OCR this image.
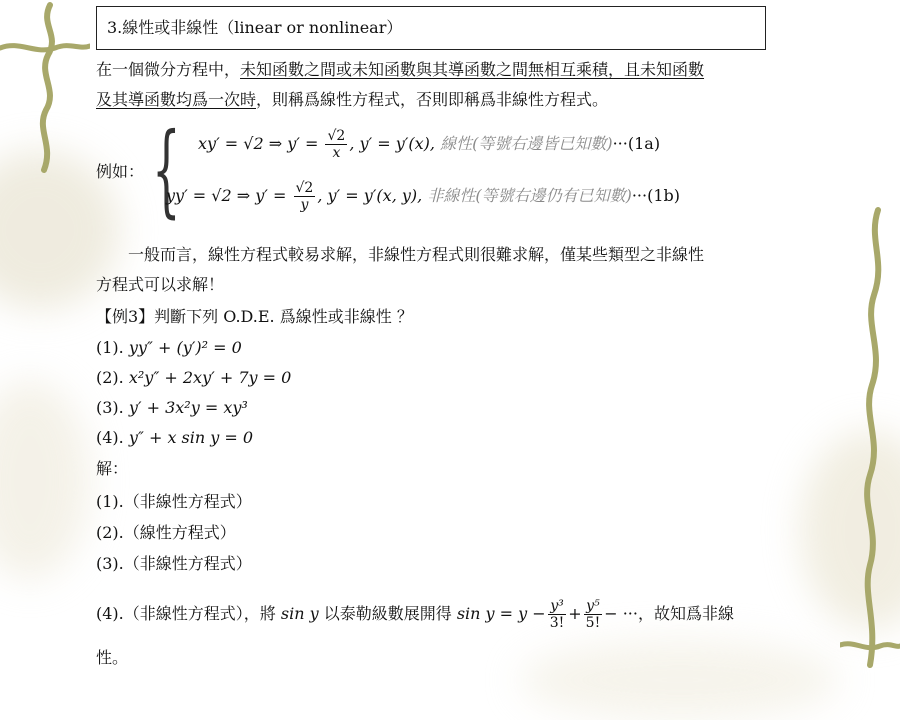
3.線性或非線性（linear or nonlinear）
在一個微分方程中，未知函數之間或未知函數與其導函數之間無相互乘積，且未知函數
及其導函數均爲一次時，則稱爲線性方程式，否則即稱爲非線性方程式。
例如： { xy′ = √2 ⇒ $y' = \frac{√2}{x}$ , y′ = y′(x), 線性(等號右邊皆已知數)···(1a)
yy′ = √2 ⇒ $y' = \frac{√2}{y}$ , y′ = y′(x, y), 非線性(等號右邊仍有已知數)···(1b)
一般而言，線性方程式較易求解，非線性方程式則很難求解，僅某些類型之非線性
方程式可以求解！
【例3】判斷下列 O.D.E. 爲線性或非線性 ？
(1). yy″ + (y′)² = 0
(2). x²y″ + 2xy′ + 7y = 0
(3). y′ + 3x²y = xy³
(4). y″ + x sin y = 0
解：
(1).（非線性方程式）
(2).（線性方程式）
(3).（非線性方程式）
(4).（非線性方程式），將 sin y 以泰勒級數展開得 $\sin y = y - \frac{\text{y³}}{3!} + \frac{\text{y⁵}}{5!}$ − ···，故知爲非線
性。
